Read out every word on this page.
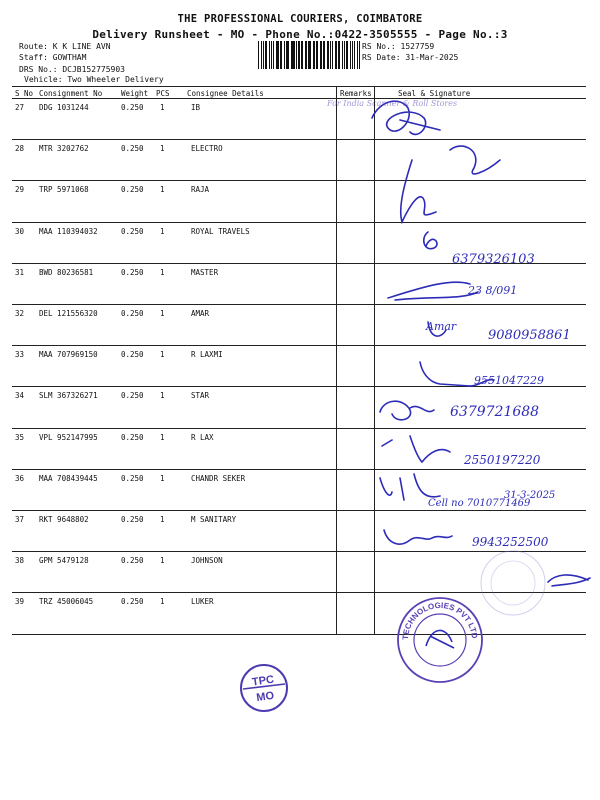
THE PROFESSIONAL COURIERS, COIMBATORE
Delivery Runsheet - MO - Phone No.:0422-3505555 - Page No.:3
Route: K K LINE AVN
Staff: GOWTHAM
DRS No.: DCJB152775903
Vehicle: Two Wheeler Delivery
RS No.: 1527759
RS Date: 31-Mar-2025
S No Consignment No	Weight PCS Consignee Details	Remarks	Seal & Signature
27 DDG 1031244	0.250 1	IB
28 MTR 3202762	0.250 1	ELECTRO
29 TRP 5971068	0.250 1	RAJA
30 MAA 110394032	0.250 1	ROYAL TRAVELS
31 BWD 80236581	0.250 1	MASTER
32 DEL 121556320	0.250 1	AMAR
33 MAA 707969150	0.250 1	R LAXMI
34 SLM 367326271	0.250 1	STAR
35 VPL 952147995	0.250 1	R LAX
36 MAA 708439445	0.250 1	CHANDR SEKER
37 RKT 9648802	0.250 1	M SANITARY
38 GPM 5479128	0.250 1	JOHNSON
39 TRZ 45006045	0.250 1	LUKER
For India Scanner & Roll Stores
6379326103
23 8/091
Amar
9080958861
9551047229
6379721688
2550197220
Cell no 7010771469
31-3-2025
9943252500
TECHNOLOGIES PVT LTD
TPC
MO
